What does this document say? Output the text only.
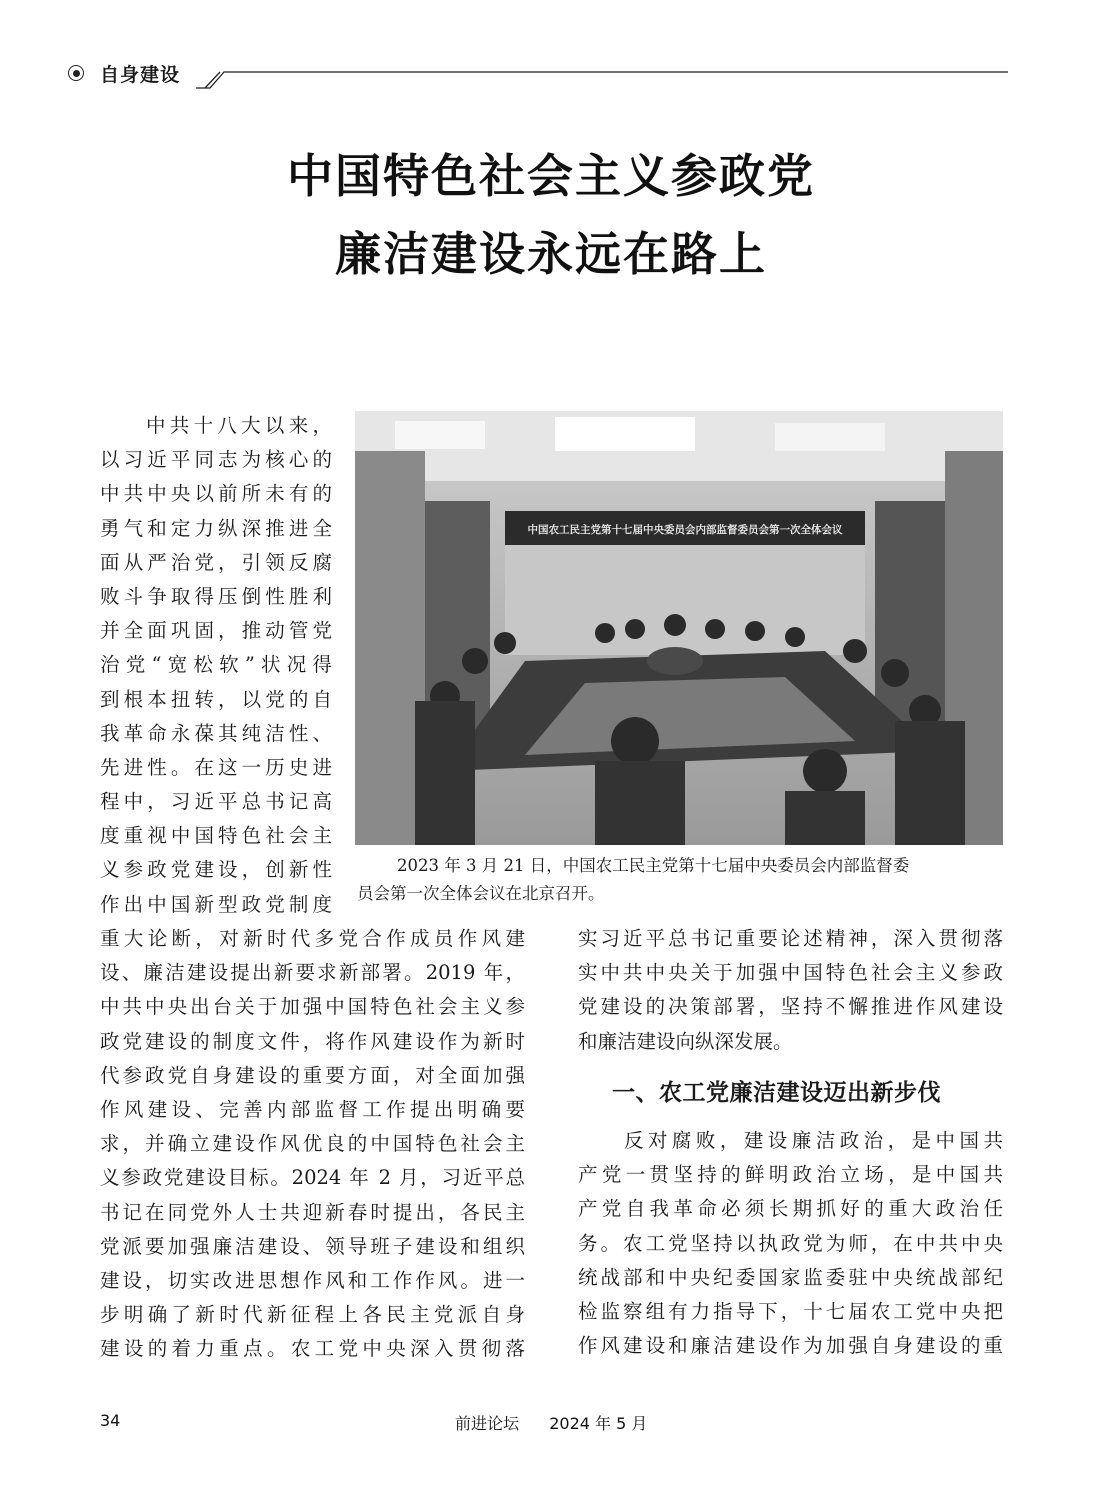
自身建设
中国特色社会主义参政党
廉洁建设永远在路上
中共十八大以来，
以习近平同志为核心的
中共中央以前所未有的
勇气和定力纵深推进全
面从严治党，引领反腐
败斗争取得压倒性胜利
并全面巩固，推动管党
治党“宽松软”状况得
到根本扭转，以党的自
我革命永葆其纯洁性、
先进性。在这一历史进
程中，习近平总书记高
度重视中国特色社会主
义参政党建设，创新性
作出中国新型政党制度
重大论断，对新时代多党合作成员作风建
设、廉洁建设提出新要求新部署。2019 年，
中共中央出台关于加强中国特色社会主义参
政党建设的制度文件，将作风建设作为新时
代参政党自身建设的重要方面，对全面加强
作风建设、完善内部监督工作提出明确要
求，并确立建设作风优良的中国特色社会主
义参政党建设目标。2024 年 2 月，习近平总
书记在同党外人士共迎新春时提出，各民主
党派要加强廉洁建设、领导班子建设和组织
建设，切实改进思想作风和工作作风。进一
步明确了新时代新征程上各民主党派自身
建设的着力重点。农工党中央深入贯彻落
中国农工民主党第十七届中央委员会内部监督委员会第一次全体会议
2023 年 3 月 21 日，中国农工民主党第十七届中央委员会内部监督委
员会第一次全体会议在北京召开。
实习近平总书记重要论述精神，深入贯彻落
实中共中央关于加强中国特色社会主义参政
党建设的决策部署，坚持不懈推进作风建设
和廉洁建设向纵深发展。
一、农工党廉洁建设迈出新步伐
反对腐败，建设廉洁政治，是中国共
产党一贯坚持的鲜明政治立场，是中国共
产党自我革命必须长期抓好的重大政治任
务。农工党坚持以执政党为师，在中共中央
统战部和中央纪委国家监委驻中央统战部纪
检监察组有力指导下，十七届农工党中央把
作风建设和廉洁建设作为加强自身建设的重
34	前进论坛 2024 年 5 月
